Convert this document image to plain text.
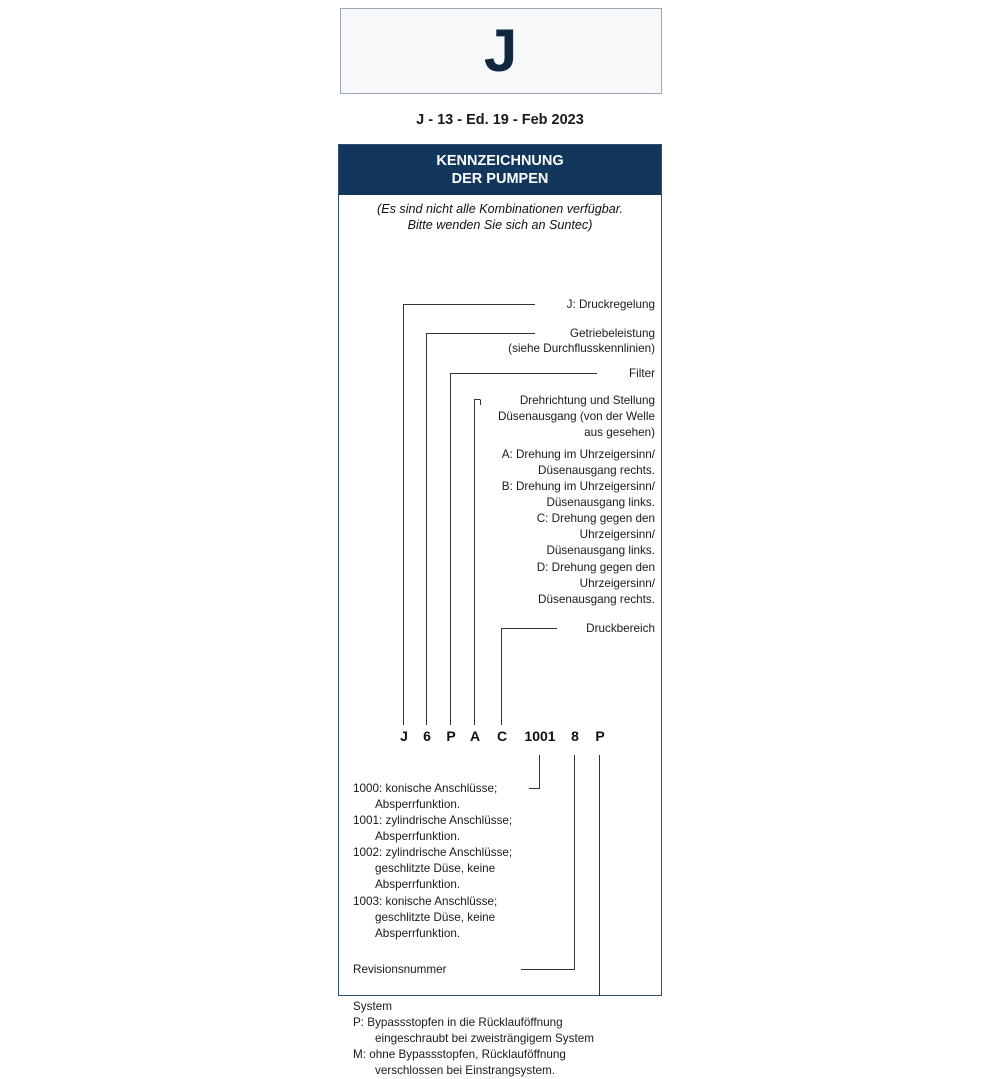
J
J - 13 - Ed. 19 - Feb 2023
KENNZEICHNUNG
DER PUMPEN
(Es sind nicht alle Kombinationen verfügbar.
Bitte wenden Sie sich an Suntec)
J: Druckregelung
Getriebeleistung
(siehe Durchflusskennlinien)
Filter
Drehrichtung und Stellung
Düsenausgang (von der Welle
aus gesehen)
A: Drehung im Uhrzeigersinn/
Düsenausgang rechts.
B: Drehung im Uhrzeigersinn/
Düsenausgang links.
C: Drehung gegen den
Uhrzeigersinn/
Düsenausgang links.
D: Drehung gegen den
Uhrzeigersinn/
Düsenausgang rechts.
Druckbereich
J	6	P	A	C	1001	8	P
1000: konische Anschlüsse;
Absperrfunktion.
1001: zylindrische Anschlüsse;
Absperrfunktion.
1002: zylindrische Anschlüsse;
geschlitzte Düse, keine
Absperrfunktion.
1003: konische Anschlüsse;
geschlitzte Düse, keine
Absperrfunktion.
Revisionsnummer
System
P: Bypassstopfen in die Rücklauföffnung
eingeschraubt bei zweisträngigem System
M: ohne Bypassstopfen, Rücklauföffnung
verschlossen bei Einstrangsystem.
